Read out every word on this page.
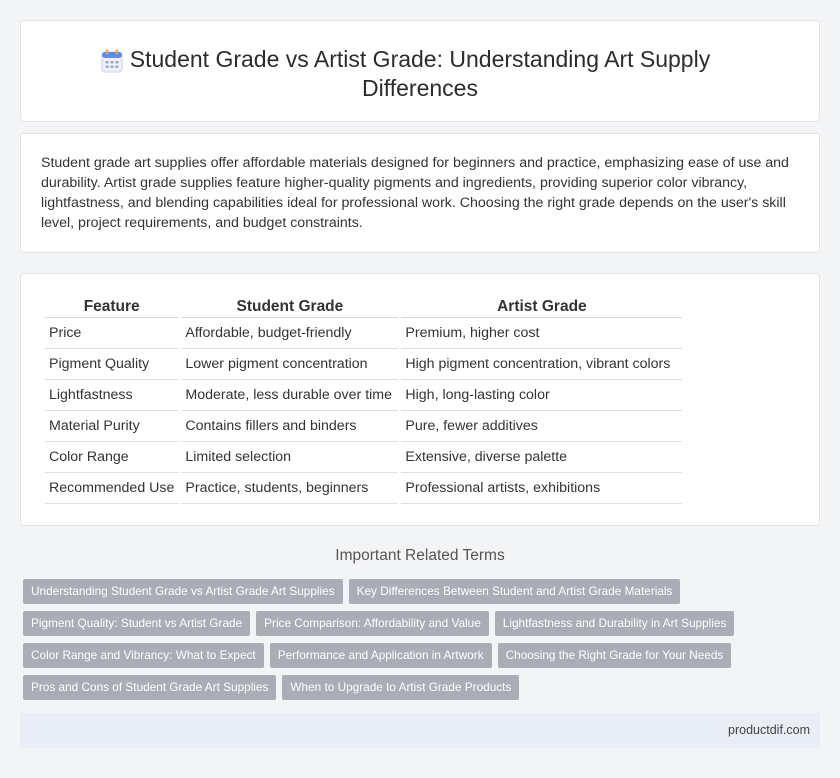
Student Grade vs Artist Grade: Understanding Art Supply Differences

Student grade art supplies offer affordable materials designed for beginners and practice, emphasizing ease of use and durability. Artist grade supplies feature higher-quality pigments and ingredients, providing superior color vibrancy, lightfastness, and blending capabilities ideal for professional work. Choosing the right grade depends on the user's skill level, project requirements, and budget constraints.

Feature	Student Grade	Artist Grade
Price	Affordable, budget-friendly	Premium, higher cost
Pigment Quality	Lower pigment concentration	High pigment concentration, vibrant colors
Lightfastness	Moderate, less durable over time	High, long-lasting color
Material Purity	Contains fillers and binders	Pure, fewer additives
Color Range	Limited selection	Extensive, diverse palette
Recommended Use	Practice, students, beginners	Professional artists, exhibitions
Important Related Terms
Understanding Student Grade vs Artist Grade Art Supplies	Key Differences Between Student and Artist Grade Materials
Pigment Quality: Student vs Artist Grade	Price Comparison: Affordability and Value	Lightfastness and Durability in Art Supplies
Color Range and Vibrancy: What to Expect	Performance and Application in Artwork	Choosing the Right Grade for Your Needs
Pros and Cons of Student Grade Art Supplies	When to Upgrade to Artist Grade Products
productdif.com
